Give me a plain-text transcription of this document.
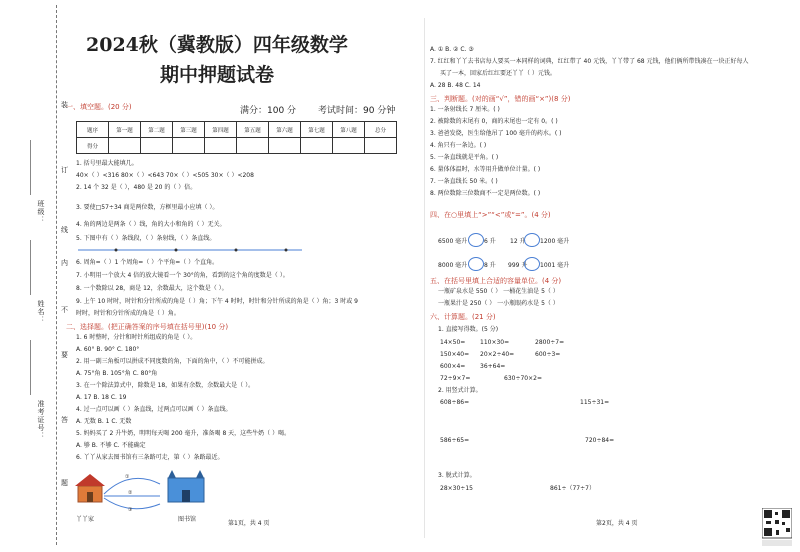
班级：
姓名：
准考证号：
装
订
线
内
不
要
答
题
2024秋（冀教版）四年级数学
期中押题试卷
满分：100 分 考试时间：90 分钟
一、填空题。(20 分)
题序	第一题	第二题	第三题	第四题	第五题	第六题	第七题	第八题	总分
得分									
1. 括号里最大能填几。
40×（ ）<316 80×（ ）<643 70×（ ）<505 30×（ ）<208
2. 14 个 32 是（ ），480 是 20 的（ ）倍。
3. 要使□57÷34 商是两位数，方框里最小应填（ ）。
4. 角的两边是两条（ ）线，角的大小和角的（ ）无关。
5. 下图中有（ ）条线段，（ ）条射线，（ ）条直线。
6. 周角=（ ）1 个周角=（ ）个平角=（ ）个直角。
7. 小明用一个放大 4 倍的放大镜看一个 30°的角，看到的这个角的度数是（ ）。
8. 一个数除以 28，商是 12，余数最大，这个数是（ ）。
9. 上午 10 时时，时针和分针所成的角是（ ）角；下午 4 时时，时针和分针所成的角是（ ）角；3 时或 9
时时，时针和分针所成的角是（ ）角。
二、选择题。(把正确答案的序号填在括号里)(10 分)
1. 6 时整时，分针和时针所组成的角是（ ）。
A. 60° B. 90° C. 180°
2. 用一副三角板可以拼成不同度数的角，下面的角中，（ ）不可能拼成。
A. 75°角 B. 105°角 C. 80°角
3. 在一个除法算式中，除数是 18，如果有余数，余数最大是（ ）。
A. 17 B. 18 C. 19
4. 过一点可以画（ ）条直线，过两点可以画（ ）条直线。
A. 无数 B. 1 C. 无数
5. 妈妈买了 2 升牛奶，明明每天喝 200 毫升，准备喝 8 天，这些牛奶（ ）喝。
A. 够 B. 不够 C. 不能确定
6. 丫丫从家去图书馆有三条路可走，第（ ）条路最近。
①
②
③
丫丫家	图书馆
第1页，共 4 页
A. ① B. ② C. ③
7. 红红和丫丫去书店每人要买一本同样的词典，红红带了 40 元钱，丫丫带了 68 元钱，他们俩所带钱凑在一块正好每人
买了一本，回家后红红要还丫丫（ ）元钱。
A. 28 B. 48 C. 14
三、判断题。(对的画“√”，错的画“×”)(8 分)
1. 一条射线长 7 厘米。( )
2. 被除数的末尾有 0，商的末尾也一定有 0。( )
3. 爸爸发烧，医生给他吊了 100 毫升的药水。( )
4. 角只有一条边。( )
5. 一条直线就是平角。( )
6. 量体体温时，水等用升做单位计量。( )
7. 一条直线长 50 米。( )
8. 两位数除三位数商不一定是两位数。( )
四、在○里填上“>”“<”或“=”。(4 分)
6500 毫升	6 升 12 升 1200 毫升
8000 毫升	8 升 999 升 1001 毫升
五、在括号里填上合适的容量单位。(4 分)
一瓶矿泉水是 550（ ） 一桶花生油是 5（ ）
一瓶果汁是 250（ ） 一小瓶眼药水是 5（ ）
六、计算题。(21 分)
1. 直接写得数。(5 分)
14×50= 110×30=	2800÷7=
150×40= 20×2÷40=	600÷3=
600×4= 36+64=
72÷9×7=	630÷70×2=
2. 用竖式计算。
608÷86=	115÷31=
586÷65=	720÷84=
3. 脱式计算。
28×30÷15	861÷（77÷7）
第2页，共 4 页
